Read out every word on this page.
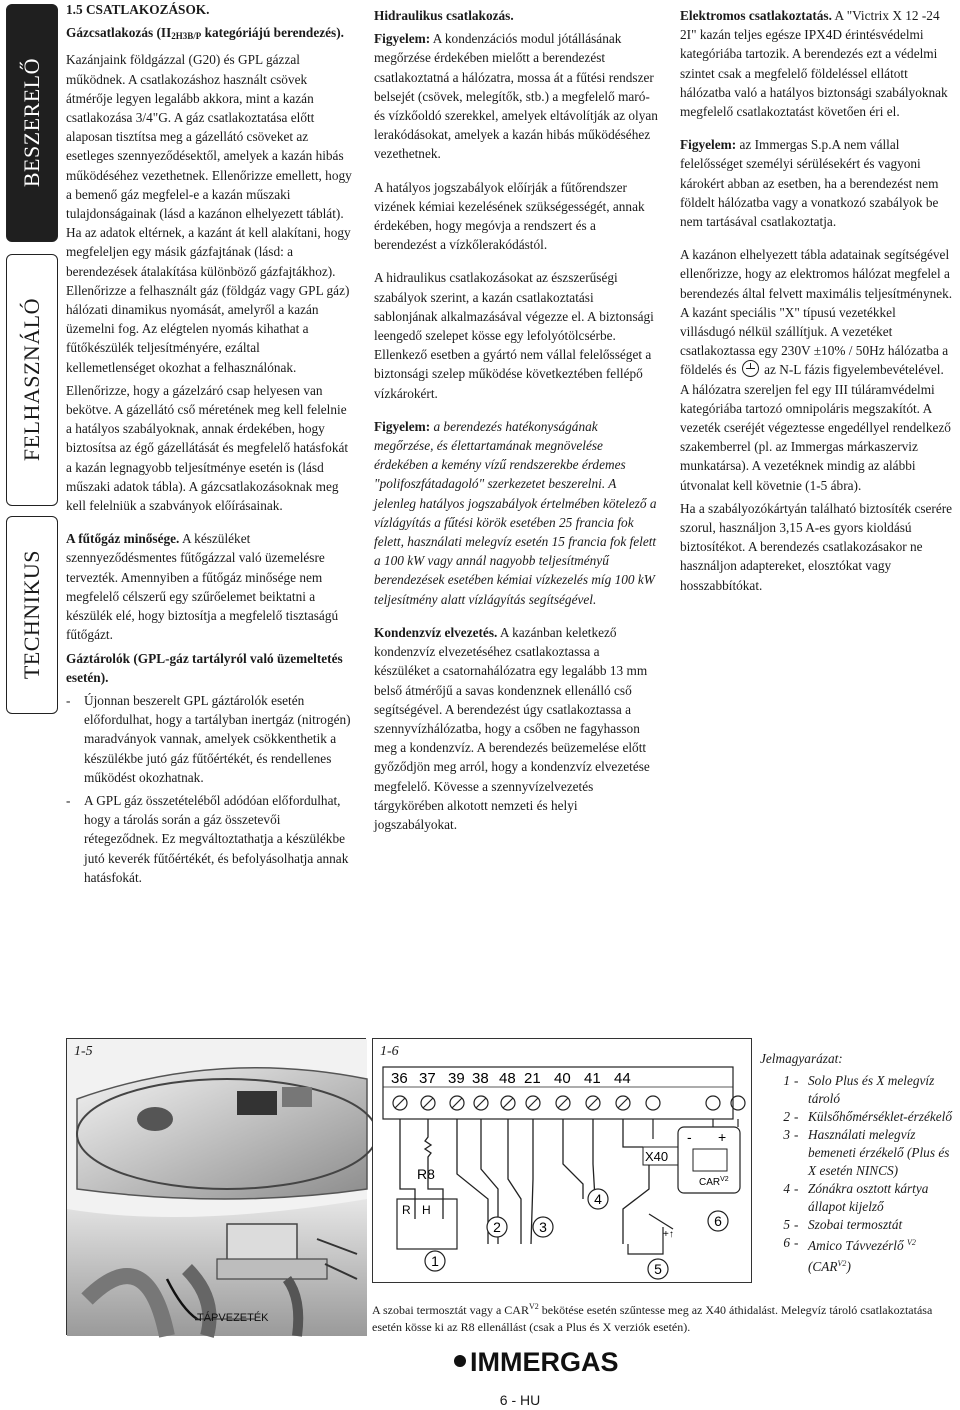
BESZERELŐ
FELHASZNÁLÓ
TECHNIKUS

1.5 CSATLAKOZÁSOK.

Gázcsatlakozás ($II_{2H3B/P}$ kategóriájú berendezés).

Kazánjaink földgázzal (G20) és GPL gázzal működnek. A csatlakozáshoz használt csövek átmérője legyen legalább akkora, mint a kazán csatlakozása 3/4"G. A gáz csatlakoztatása előtt alaposan tisztítsa meg a gázellátó csöveket az esetleges szennyeződésektől, amelyek a kazán hibás működéséhez vezethetnek. Ellenőrizze emellett, hogy a bemenő gáz megfelel-e a kazán műszaki tulajdonságainak (lásd a kazánon elhelyezett táblát). Ha az adatok eltérnek, a kazánt át kell alakítani, hogy megfeleljen egy másik gázfajtának (lásd: a berendezések átalakítása különböző gázfajtákhoz). Ellenőrizze a felhasznált gáz (földgáz vagy GPL gáz) hálózati dinamikus nyomását, amelyről a kazán üzemelni fog. Az elégtelen nyomás kihathat a fűtőkészülék teljesítményére, ezáltal kellemetlenséget okozhat a felhasználónak.

Ellenőrizze, hogy a gázelzáró csap helyesen van bekötve. A gázellátó cső méretének meg kell felelnie a hatályos szabályoknak, annak érdekében, hogy biztosítsa az égő gázellátását és megfelelő hatásfokát a kazán legnagyobb teljesítménye esetén is (lásd műszaki adatok tábla). A gázcsatlakozásoknak meg kell felelniük a szabványok előírásainak.

A fűtőgáz minősége. A készüléket szennyeződésmentes fűtőgázzal való üzemelésre tervezték. Amennyiben a fűtőgáz minősége nem megfelelő célszerű egy szűrőelemet beiktatni a készülék elé, hogy biztosítja a megfelelő tisztaságú fűtőgázt.

Gáztárolók (GPL-gáz tartályról való üzemeltetés esetén).

- Újonnan beszerelt GPL gáztárolók esetén előfordulhat, hogy a tartályban inertgáz (nitrogén) maradványok vannak, amelyek csökkenthetik a készülékbe jutó gáz fűtőértékét, és rendellenes működést okozhatnak.
- A GPL gáz összetételéből adódóan előfordulhat, hogy a tárolás során a gáz összetevői rétegeződnek. Ez megváltoztathatja a készülékbe jutó keverék fűtőértékét, és befolyásolhatja annak hatásfokát.

Hidraulikus csatlakozás.

Figyelem: A kondenzációs modul jótállásának megőrzése érdekében mielőtt a berendezést csatlakoztatná a hálózatra, mossa át a fűtési rendszer belsejét (csövek, melegítők, stb.) a megfelelő maró- és vízkőoldó szerekkel, amelyek eltávolítják az olyan lerakódásokat, amelyek a kazán hibás működéséhez vezethetnek.

A hatályos jogszabályok előírják a fűtőrendszer vizének kémiai kezelésének szükségességét, annak érdekében, hogy megóvja a rendszert és a berendezést a vízkőlerakódástól.

A hidraulikus csatlakozásokat az észszerűségi szabályok szerint, a kazán csatlakoztatási sablonjának alkalmazásával végezze el. A biztonsági leengedő szelepet kösse egy lefolyótölcsérbe. Ellenkező esetben a gyártó nem vállal felelősséget a biztonsági szelep működése következtében fellépő vízkárokért.

Figyelem: a berendezés hatékonyságának megőrzése, és élettartamának megnövelése érdekében a kemény vízű rendszerekbe érdemes "polifoszfátadagoló" szerkezetet beszerelni. A jelenleg hatályos jogszabályok értelmében kötelező a vízlágyítás a fűtési körök esetében 25 francia fok felett, használati melegvíz esetén 15 francia fok felett a 100 kW vagy annál nagyobb teljesítményű berendezések esetében kémiai vízkezelés míg 100 kW teljesítmény alatt vízlágyítás segítségével.

Kondenzvíz elvezetés. A kazánban keletkező kondenzvíz elvezetéséhez csatlakoztassa a készüléket a csatornahálózatra egy legalább 13 mm belső átmérőjű a savas kondenznek ellenálló cső segítségével. A berendezést úgy csatlakoztassa a szennyvízhálózatba, hogy a csőben ne fagyhasson meg a kondenzvíz. A berendezés beüzemelése előtt győződjön meg arról, hogy a kondenzvíz elvezetése megfelelő. Kövesse a szennyvízelvezetés tárgykörében alkotott nemzeti és helyi jogszabályokat.

Elektromos csatlakoztatás. A "Victrix X 12 -24 2I" kazán teljes egésze IPX4D érintésvédelmi kategóriába tartozik. A berendezés ezt a védelmi szintet csak a megfelelő földeléssel ellátott hálózatba való a hatályos biztonsági szabályoknak megfelelő csatlakoztatást követően éri el.

Figyelem: az Immergas S.p.A nem vállal felelősséget személyi sérülésekért és vagyoni károkért abban az esetben, ha a berendezést nem földelt hálózatba vagy a vonatkozó szabályok be nem tartásával csatlakoztatja.

A kazánon elhelyezett tábla adatainak segítségével ellenőrizze, hogy az elektromos hálózat megfelel a berendezés által felvett maximális teljesítménynek. A kazánt speciális "X" típusú vezetékkel villásdugó nélkül szállítjuk. A vezetéket csatlakoztassa egy 230V ±10% / 50Hz hálózatba a földelés és  az N-L fázis figyelembevételével. A hálózatra szereljen fel egy III túláramvédelmi kategóriába tartozó omnipoláris megszakítót. A vezeték cseréjét végeztesse engedéllyel rendelkező szakemberrel (pl. az Immergas márkaszerviz munkatársa). A vezetéknek mindig az alábbi útvonalat kell követnie (1-5 ábra).

Ha a szabályozókártyán található biztosíték cserére szorul, használjon 3,15 A-es gyors kioldású biztosítékot. A berendezés csatlakozásakor ne használjon adaptereket, elosztókat vagy hosszabbítókat.

TÁPVEZETÉK
1-5
36 37 39 38 48 21 40 41 44
R8
R H
X40
+↑
- +
$CAR^{V2}$
1
2	3
4
5
6
1-6	Jelmagyarázat:
1 - Solo Plus és X melegvíz tároló
2 - Külsőhőmérséklet-érzékelő
3 - Használati melegvíz bemeneti érzékelő (Plus és X esetén NINCS)
4 - Zónákra osztott kártya állapot kijelző
5 - Szobai termosztát
6 - Amico Távvezérlő $^{V2}$
$(CAR^{V2})$
A szobai termosztát vagy a $CAR^{V2}$ bekötése esetén szűntesse meg az X40 áthidalást. Melegvíz tároló csatlakoztatása esetén kösse ki az R8 ellenállást (csak a Plus és X verziók esetén).
IMMERGAS
6 - HU
